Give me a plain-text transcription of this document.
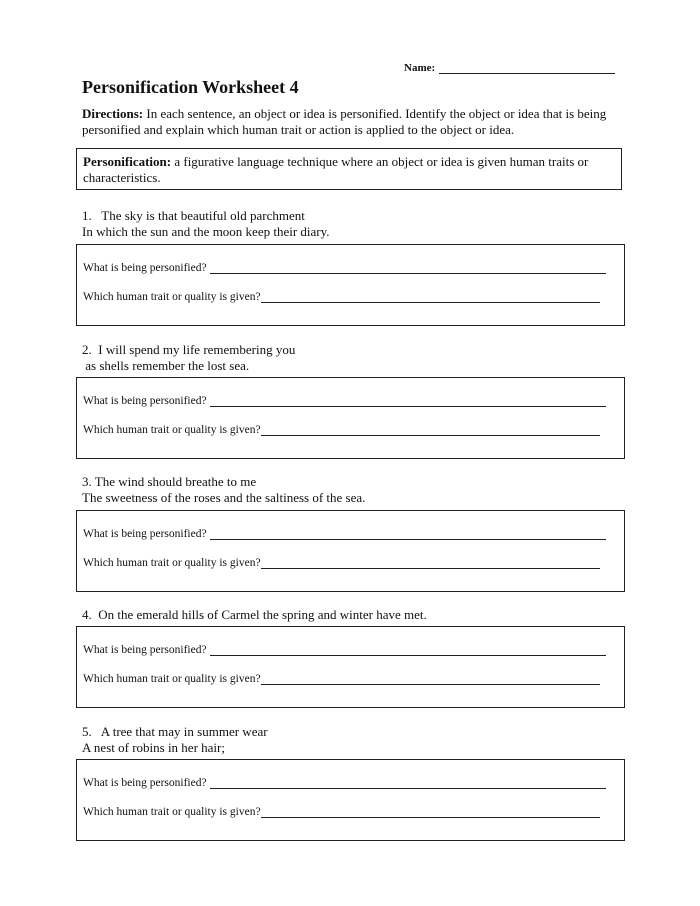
Name:
Personification Worksheet 4
Directions: In each sentence, an object or idea is personified. Identify the object or idea that is being personified and explain which human trait or action is applied to the object or idea.
Personification: a figurative language technique where an object or idea is given human traits or characteristics.
1.   The sky is that beautiful old parchment
In which the sun and the moon keep their diary.
What is being personified?
Which human trait or quality is given?
2.  I will spend my life remembering you
as shells remember the lost sea.
What is being personified?
Which human trait or quality is given?
3. The wind should breathe to me
The sweetness of the roses and the saltiness of the sea.
What is being personified?
Which human trait or quality is given?
4.  On the emerald hills of Carmel the spring and winter have met.
What is being personified?
Which human trait or quality is given?
5.   A tree that may in summer wear
A nest of robins in her hair;
What is being personified?
Which human trait or quality is given?
